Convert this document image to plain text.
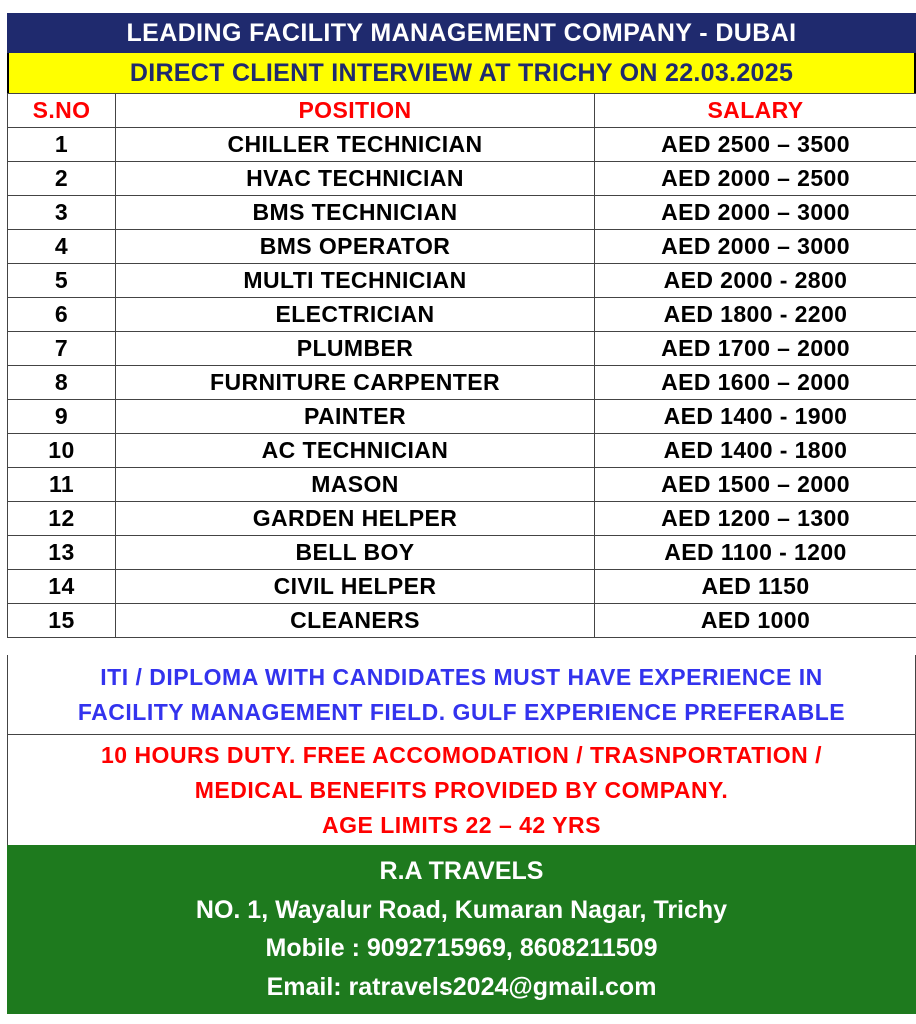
LEADING FACILITY MANAGEMENT COMPANY - DUBAI
DIRECT CLIENT INTERVIEW AT TRICHY ON 22.03.2025
S.NO	POSITION	SALARY
1	CHILLER TECHNICIAN	AED 2500 – 3500
2	HVAC TECHNICIAN	AED 2000 – 2500
3	BMS TECHNICIAN	AED 2000 – 3000
4	BMS OPERATOR	AED 2000 – 3000
5	MULTI TECHNICIAN	AED 2000 - 2800
6	ELECTRICIAN	AED 1800 - 2200
7	PLUMBER	AED 1700 – 2000
8	FURNITURE CARPENTER	AED 1600 – 2000
9	PAINTER	AED 1400 - 1900
10	AC TECHNICIAN	AED 1400 - 1800
11	MASON	AED 1500 – 2000
12	GARDEN HELPER	AED 1200 – 1300
13	BELL BOY	AED 1100 - 1200
14	CIVIL HELPER	AED 1150
15	CLEANERS	AED 1000
ITI / DIPLOMA WITH CANDIDATES MUST HAVE EXPERIENCE IN
FACILITY MANAGEMENT FIELD. GULF EXPERIENCE PREFERABLE
10 HOURS DUTY. FREE ACCOMODATION / TRASNPORTATION /
MEDICAL BENEFITS PROVIDED BY COMPANY.
AGE LIMITS 22 – 42 YRS
R.A TRAVELS
NO. 1, Wayalur Road, Kumaran Nagar, Trichy
Mobile : 9092715969, 8608211509
Email: ratravels2024@gmail.com
